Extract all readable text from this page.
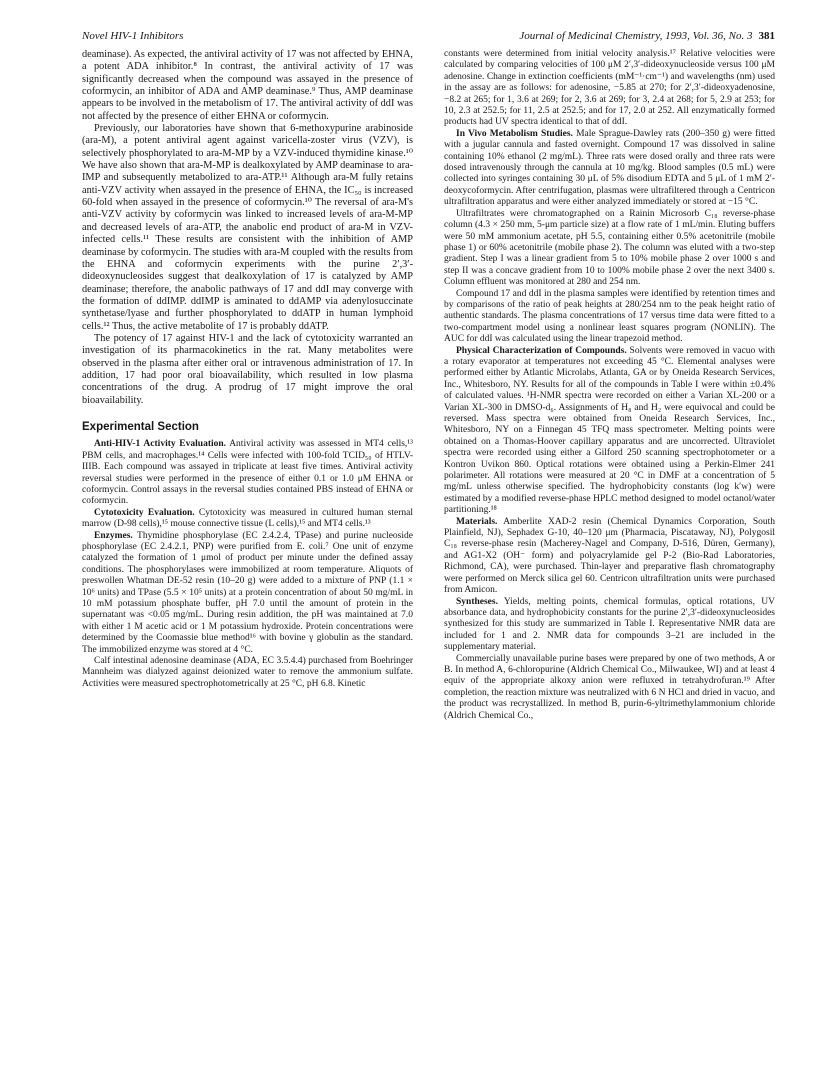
Novel HIV-1 Inhibitors	Journal of Medicinal Chemistry, 1993, Vol. 36, No. 3 381

deaminase). As expected, the antiviral activity of 17 was not affected by EHNA, a potent ADA inhibitor.⁸ In contrast, the antiviral activity of 17 was significantly decreased when the compound was assayed in the presence of coformycin, an inhibitor of ADA and AMP deaminase.⁹ Thus, AMP deaminase appears to be involved in the metabolism of 17. The antiviral activity of ddI was not affected by the presence of either EHNA or coformycin.

Previously, our laboratories have shown that 6-methoxypurine arabinoside (ara-M), a potent antiviral agent against varicella-zoster virus (VZV), is selectively phosphorylated to ara-M-MP by a VZV-induced thymidine kinase.¹⁰ We have also shown that ara-M-MP is dealkoxylated by AMP deaminase to ara-IMP and subsequently metabolized to ara-ATP.¹¹ Although ara-M fully retains anti-VZV activity when assayed in the presence of EHNA, the IC₅₀ is increased 60-fold when assayed in the presence of coformycin.¹⁰ The reversal of ara-M's anti-VZV activity by coformycin was linked to increased levels of ara-M-MP and decreased levels of ara-ATP, the anabolic end product of ara-M in VZV-infected cells.¹¹ These results are consistent with the inhibition of AMP deaminase by coformycin. The studies with ara-M coupled with the results from the EHNA and coformycin experiments with the purine 2′,3′-dideoxynucleosides suggest that dealkoxylation of 17 is catalyzed by AMP deaminase; therefore, the anabolic pathways of 17 and ddI may converge with the formation of ddIMP. ddIMP is aminated to ddAMP via adenylosuccinate synthetase/lyase and further phosphorylated to ddATP in human lymphoid cells.¹² Thus, the active metabolite of 17 is probably ddATP.

The potency of 17 against HIV-1 and the lack of cytotoxicity warranted an investigation of its pharmacokinetics in the rat. Many metabolites were observed in the plasma after either oral or intravenous administration of 17. In addition, 17 had poor oral bioavailability, which resulted in low plasma concentrations of the drug. A prodrug of 17 might improve the oral bioavailability.

Experimental Section

Anti-HIV-1 Activity Evaluation. Antiviral activity was assessed in MT4 cells,¹³ PBM cells, and macrophages.¹⁴ Cells were infected with 100-fold TCID₅₀ of HTLV-IIIB. Each compound was assayed in triplicate at least five times. Antiviral activity reversal studies were performed in the presence of either 0.1 or 1.0 μM EHNA or coformycin. Control assays in the reversal studies contained PBS instead of EHNA or coformycin.

Cytotoxicity Evaluation. Cytotoxicity was measured in cultured human sternal marrow (D-98 cells),¹⁵ mouse connective tissue (L cells),¹⁵ and MT4 cells.¹³

Enzymes. Thymidine phosphorylase (EC 2.4.2.4, TPase) and purine nucleoside phosphorylase (EC 2.4.2.1, PNP) were purified from E. coli.⁷ One unit of enzyme catalyzed the formation of 1 μmol of product per minute under the defined assay conditions. The phosphorylases were immobilized at room temperature. Aliquots of preswollen Whatman DE-52 resin (10–20 g) were added to a mixture of PNP (1.1 × 10⁶ units) and TPase (5.5 × 10⁵ units) at a protein concentration of about 50 mg/mL in 10 mM potassium phosphate buffer, pH 7.0 until the amount of protein in the supernatant was <0.05 mg/mL. During resin addition, the pH was maintained at 7.0 with either 1 M acetic acid or 1 M potassium hydroxide. Protein concentrations were determined by the Coomassie blue method¹⁶ with bovine γ globulin as the standard. The immobilized enzyme was stored at 4 °C.

Calf intestinal adenosine deaminase (ADA, EC 3.5.4.4) purchased from Boehringer Mannheim was dialyzed against deionized water to remove the ammonium sulfate. Activities were measured spectrophotometrically at 25 °C, pH 6.8. Kinetic

constants were determined from initial velocity analysis.¹⁷ Relative velocities were calculated by comparing velocities of 100 μM 2′,3′-dideoxynucleoside versus 100 μM adenosine. Change in extinction coefficients (mM⁻¹·cm⁻¹) and wavelengths (nm) used in the assay are as follows: for adenosine, −5.85 at 270; for 2′,3′-dideoxyadenosine, −8.2 at 265; for 1, 3.6 at 269; for 2, 3.6 at 269; for 3, 2.4 at 268; for 5, 2.9 at 253; for 10, 2.3 at 252.5; for 11, 2.5 at 252.5; and for 17, 2.0 at 252. All enzymatically formed products had UV spectra identical to that of ddI.

In Vivo Metabolism Studies. Male Sprague-Dawley rats (200–350 g) were fitted with a jugular cannula and fasted overnight. Compound 17 was dissolved in saline containing 10% ethanol (2 mg/mL). Three rats were dosed orally and three rats were dosed intravenously through the cannula at 10 mg/kg. Blood samples (0.5 mL) were collected into syringes containing 30 μL of 5% disodium EDTA and 5 μL of 1 mM 2′-deoxycoformycin. After centrifugation, plasmas were ultrafiltered through a Centricon ultrafiltration apparatus and were either analyzed immediately or stored at −15 °C.

Ultrafiltrates were chromatographed on a Rainin Microsorb C₁₈ reverse-phase column (4.3 × 250 mm, 5-μm particle size) at a flow rate of 1 mL/min. Eluting buffers were 50 mM ammonium acetate, pH 5.5, containing either 0.5% acetonitrile (mobile phase 1) or 60% acetonitrile (mobile phase 2). The column was eluted with a two-step gradient. Step I was a linear gradient from 5 to 10% mobile phase 2 over 1000 s and step II was a concave gradient from 10 to 100% mobile phase 2 over the next 3400 s. Column effluent was monitored at 280 and 254 nm.

Compound 17 and ddI in the plasma samples were identified by retention times and by comparisons of the ratio of peak heights at 280/254 nm to the peak height ratio of authentic standards. The plasma concentrations of 17 versus time data were fitted to a two-compartment model using a nonlinear least squares program (NONLIN). The AUC for ddI was calculated using the linear trapezoid method.

Physical Characterization of Compounds. Solvents were removed in vacuo with a rotary evaporator at temperatures not exceeding 45 °C. Elemental analyses were performed either by Atlantic Microlabs, Atlanta, GA or by Oneida Research Services, Inc., Whitesboro, NY. Results for all of the compounds in Table I were within ±0.4% of calculated values. ¹H-NMR spectra were recorded on either a Varian XL-200 or a Varian XL-300 in DMSO-d₆. Assignments of H₈ and H₂ were equivocal and could be reversed. Mass spectra were obtained from Oneida Research Services, Inc., Whitesboro, NY on a Finnegan 45 TFQ mass spectrometer. Melting points were obtained on a Thomas-Hoover capillary apparatus and are uncorrected. Ultraviolet spectra were recorded using either a Gilford 250 scanning spectrophotometer or a Kontron Uvikon 860. Optical rotations were obtained using a Perkin-Elmer 241 polarimeter. All rotations were measured at 20 °C in DMF at a concentration of 5 mg/mL unless otherwise specified. The hydrophobicity constants (log k′w) were estimated by a modified reverse-phase HPLC method designed to model octanol/water partitioning.¹⁸

Materials. Amberlite XAD-2 resin (Chemical Dynamics Corporation, South Plainfield, NJ), Sephadex G-10, 40–120 μm (Pharmacia, Piscataway, NJ), Polygosil C₁₈ reverse-phase resin (Macherey-Nagel and Company, D-516, Düren, Germany), and AG1-X2 (OH⁻ form) and polyacrylamide gel P-2 (Bio-Rad Laboratories, Richmond, CA), were purchased. Thin-layer and preparative flash chromatography were performed on Merck silica gel 60. Centricon ultrafiltration units were purchased from Amicon.

Syntheses. Yields, melting points, chemical formulas, optical rotations, UV absorbance data, and hydrophobicity constants for the purine 2′,3′-dideoxynucleosides synthesized for this study are summarized in Table I. Representative NMR data are included for 1 and 2. NMR data for compounds 3–21 are included in the supplementary material.

Commercially unavailable purine bases were prepared by one of two methods, A or B. In method A, 6-chloropurine (Aldrich Chemical Co., Milwaukee, WI) and at least 4 equiv of the appropriate alkoxy anion were refluxed in tetrahydrofuran.¹⁹ After completion, the reaction mixture was neutralized with 6 N HCl and dried in vacuo, and the product was recrystallized. In method B, purin-6-yltrimethylammonium chloride (Aldrich Chemical Co.,
